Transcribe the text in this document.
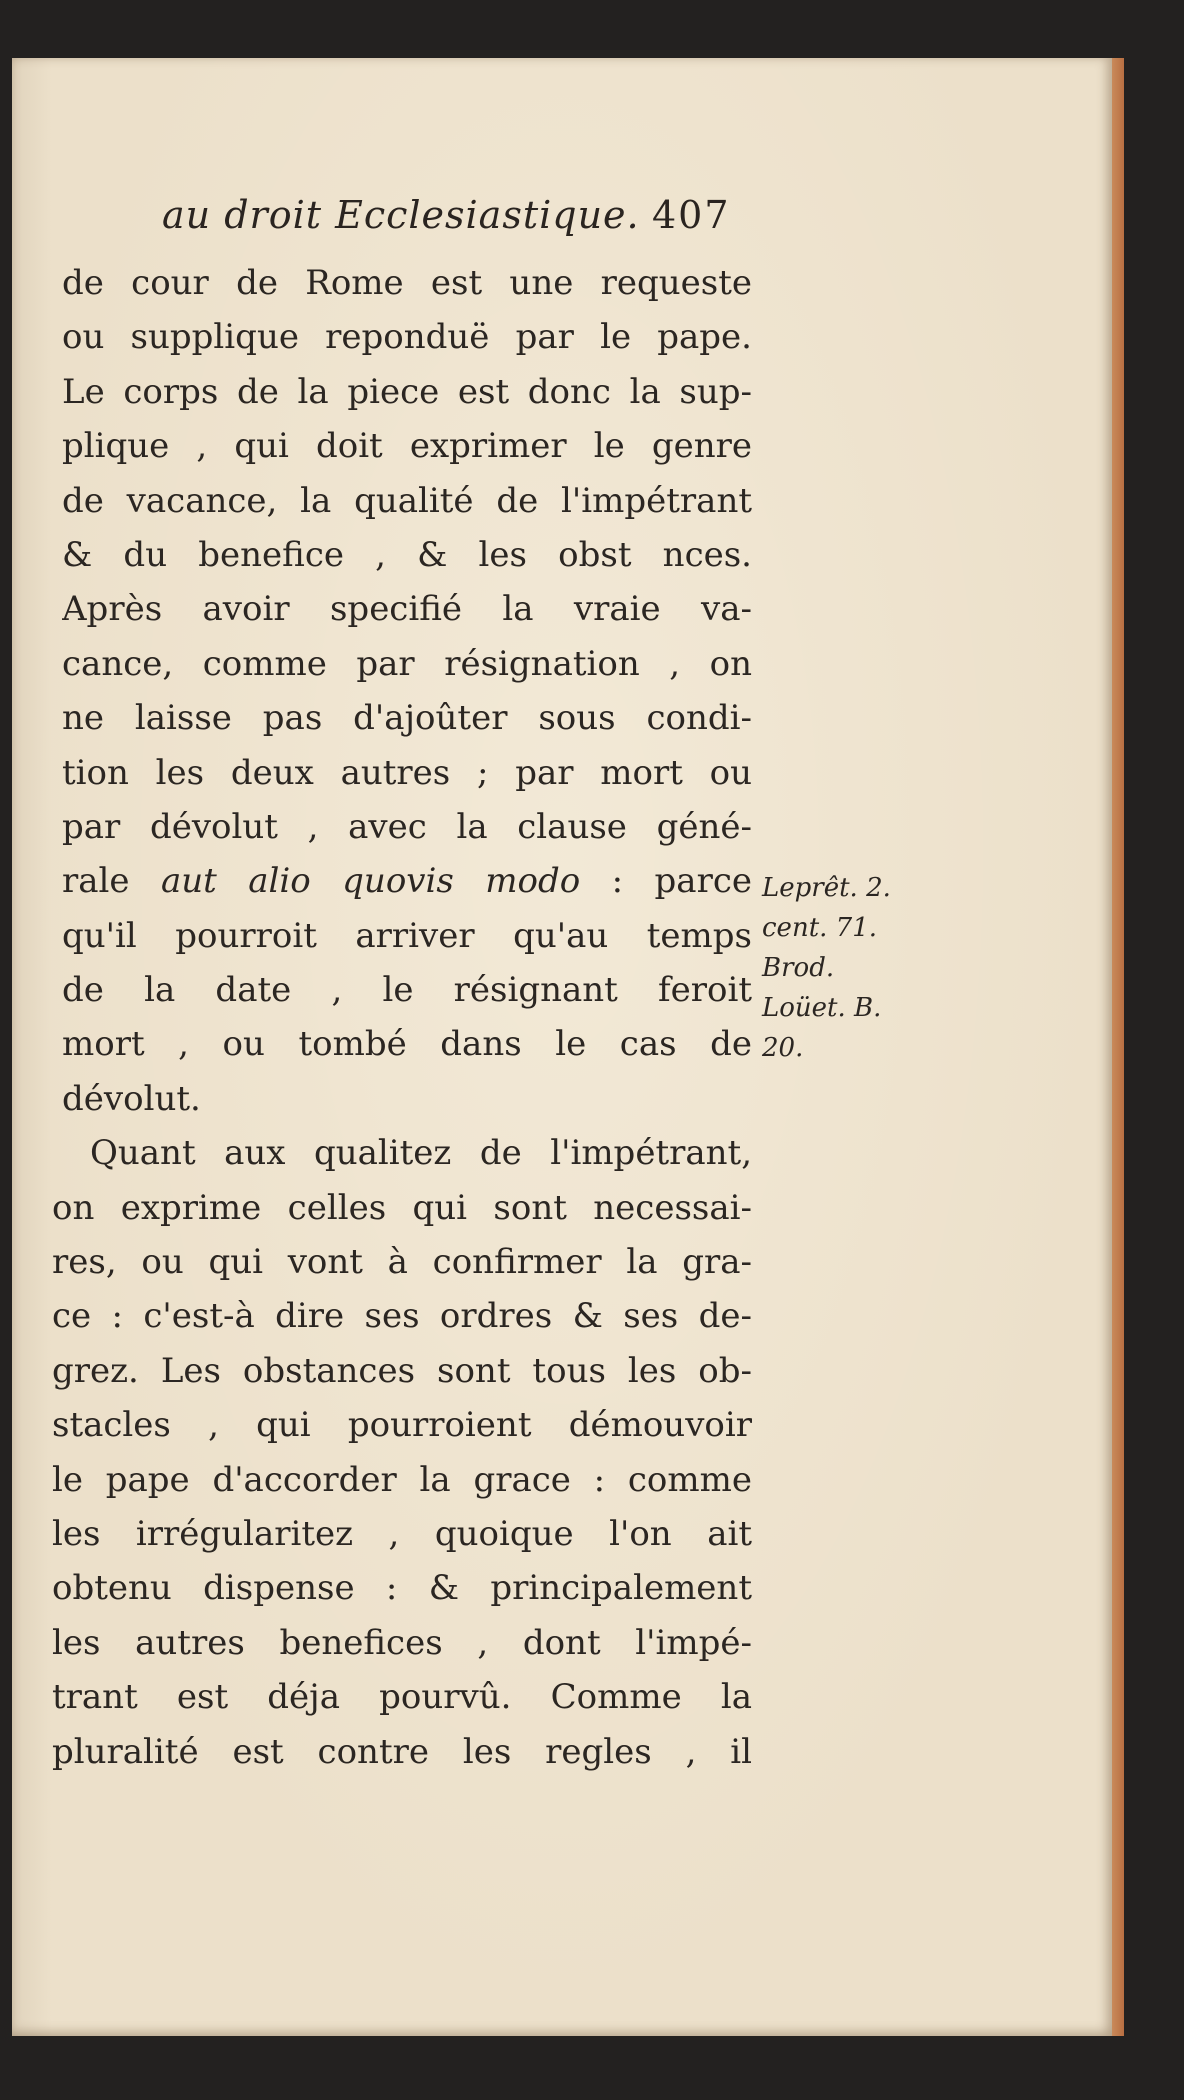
au droit Ecclesiastique. 407
de cour de Rome est une requeste
ou supplique reponduë par le pape.
Le corps de la piece est donc la sup-
plique , qui doit exprimer le genre
de vacance, la qualité de l'impétrant
& du benefice , & les obst nces.
Après avoir specifié la vraie va-
cance, comme par résignation , on
ne laisse pas d'ajoûter sous condi-
tion les deux autres ; par mort ou
par dévolut , avec la clause géné-
rale aut alio quovis modo : parce
qu'il pourroit arriver qu'au temps
de la date , le résignant feroit
mort , ou tombé dans le cas de
dévolut.
Quant aux qualitez de l'impétrant,
on exprime celles qui sont necessai-
res, ou qui vont à confirmer la gra-
ce : c'est-à dire ses ordres & ses de-
grez. Les obstances sont tous les ob-
stacles , qui pourroient démouvoir
le pape d'accorder la grace : comme
les irrégularitez , quoique l'on ait
obtenu dispense : & principalement
les autres benefices , dont l'impé-
trant est déja pourvû. Comme la
pluralité est contre les regles , il
Leprêt. 2.
cent. 71.
Brod.
Loüet. B.
20.
